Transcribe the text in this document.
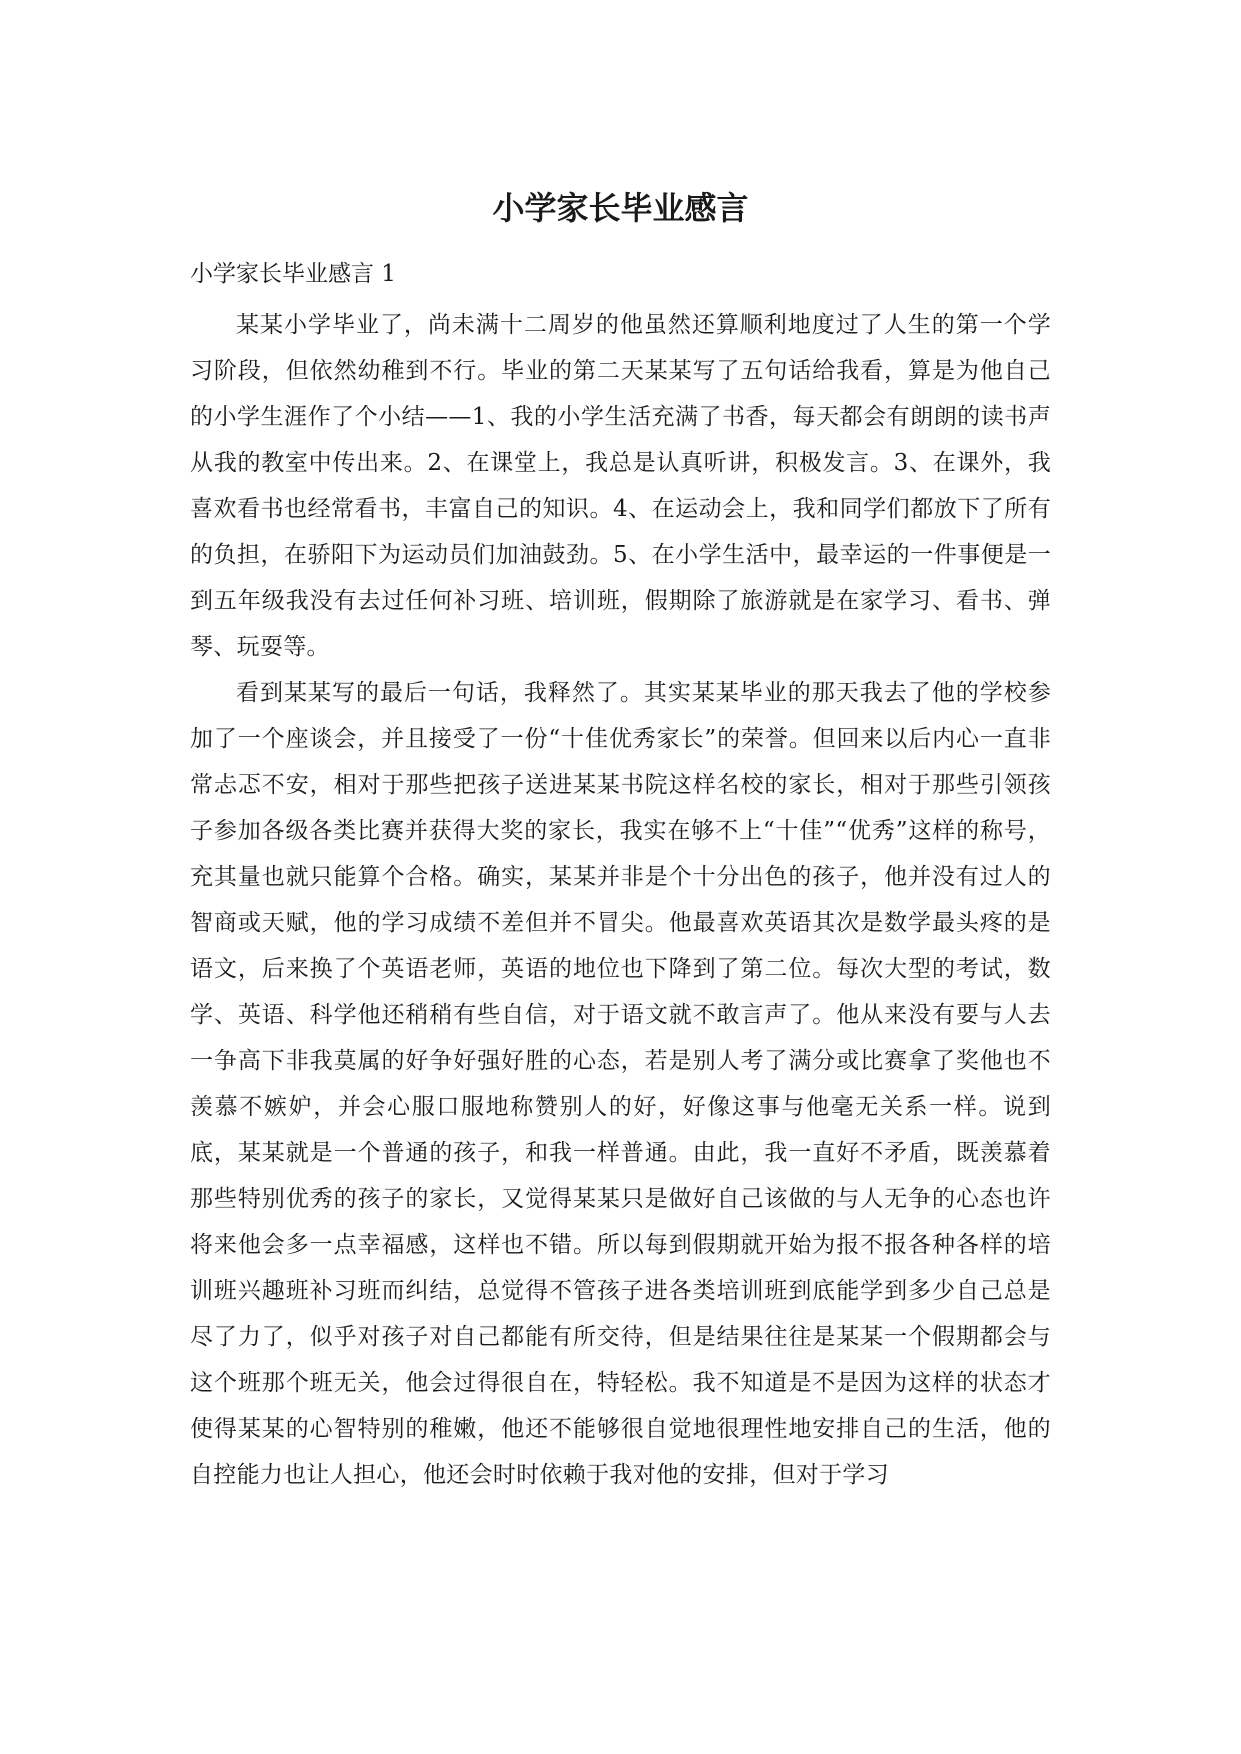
小学家长毕业感言
小学家长毕业感言 1

某某小学毕业了，尚未满十二周岁的他虽然还算顺利地度过了人生的第一个学习阶段，但依然幼稚到不行。毕业的第二天某某写了五句话给我看，算是为他自己的小学生涯作了个小结——1、我的小学生活充满了书香，每天都会有朗朗的读书声从我的教室中传出来。2、在课堂上，我总是认真听讲，积极发言。3、在课外，我喜欢看书也经常看书，丰富自己的知识。4、在运动会上，我和同学们都放下了所有的负担，在骄阳下为运动员们加油鼓劲。5、在小学生活中，最幸运的一件事便是一到五年级我没有去过任何补习班、培训班，假期除了旅游就是在家学习、看书、弹琴、玩耍等。

看到某某写的最后一句话，我释然了。其实某某毕业的那天我去了他的学校参加了一个座谈会，并且接受了一份“十佳优秀家长”的荣誉。但回来以后内心一直非常忐忑不安，相对于那些把孩子送进某某书院这样名校的家长，相对于那些引领孩子参加各级各类比赛并获得大奖的家长，我实在够不上“十佳”“优秀”这样的称号，充其量也就只能算个合格。确实，某某并非是个十分出色的孩子，他并没有过人的智商或天赋，他的学习成绩不差但并不冒尖。他最喜欢英语其次是数学最头疼的是语文，后来换了个英语老师，英语的地位也下降到了第二位。每次大型的考试，数学、英语、科学他还稍稍有些自信，对于语文就不敢言声了。他从来没有要与人去一争高下非我莫属的好争好强好胜的心态，若是别人考了满分或比赛拿了奖他也不羡慕不嫉妒，并会心服口服地称赞别人的好，好像这事与他毫无关系一样。说到底，某某就是一个普通的孩子，和我一样普通。由此，我一直好不矛盾，既羡慕着那些特别优秀的孩子的家长，又觉得某某只是做好自己该做的与人无争的心态也许将来他会多一点幸福感，这样也不错。所以每到假期就开始为报不报各种各样的培训班兴趣班补习班而纠结，总觉得不管孩子进各类培训班到底能学到多少自己总是尽了力了，似乎对孩子对自己都能有所交待，但是结果往往是某某一个假期都会与这个班那个班无关，他会过得很自在，特轻松。我不知道是不是因为这样的状态才使得某某的心智特别的稚嫩，他还不能够很自觉地很理性地安排自己的生活，他的自控能力也让人担心，他还会时时依赖于我对他的安排，但对于学习
